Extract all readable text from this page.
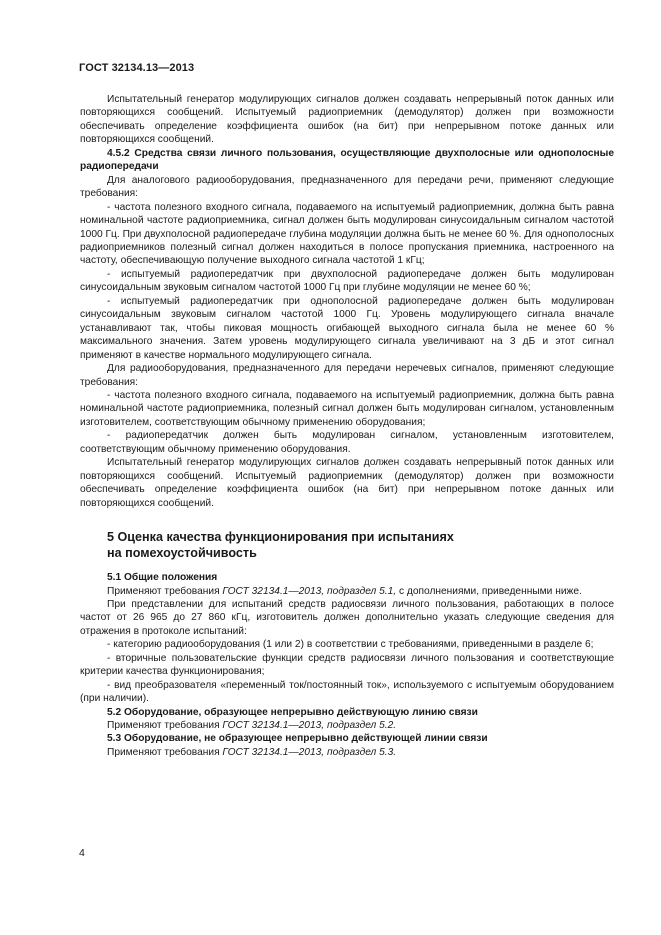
ГОСТ 32134.13—2013

Испытательный генератор модулирующих сигналов должен создавать непрерывный поток данных или повторяющихся сообщений. Испытуемый радиоприемник (демодулятор) должен при возможности обеспечивать определение коэффициента ошибок (на бит) при непрерывном потоке данных или повторяющихся сообщений.

4.5.2 Средства связи личного пользования, осуществляющие двухполосные или однополосные радиопередачи

Для аналогового радиооборудования, предназначенного для передачи речи, применяют следующие требования:

- частота полезного входного сигнала, подаваемого на испытуемый радиоприемник, должна быть равна номинальной частоте радиоприемника, сигнал должен быть модулирован синусоидальным сигналом частотой 1000 Гц. При двухполосной радиопередаче глубина модуляции должна быть не менее 60 %. Для однополосных радиоприемников полезный сигнал должен находиться в полосе пропускания приемника, настроенного на частоту, обеспечивающую получение выходного сигнала частотой 1 кГц;

- испытуемый радиопередатчик при двухполосной радиопередаче должен быть модулирован синусоидальным звуковым сигналом частотой 1000 Гц при глубине модуляции не менее 60 %;

- испытуемый радиопередатчик при однополосной радиопередаче должен быть модулирован синусоидальным звуковым сигналом частотой 1000 Гц. Уровень модулирующего сигнала вначале устанавливают так, чтобы пиковая мощность огибающей выходного сигнала была не менее 60 % максимального значения. Затем уровень модулирующего сигнала увеличивают на 3 дБ и этот сигнал применяют в качестве нормального модулирующего сигнала.

Для радиооборудования, предназначенного для передачи неречевых сигналов, применяют следующие требования:

- частота полезного входного сигнала, подаваемого на испытуемый радиоприемник, должна быть равна номинальной частоте радиоприемника, полезный сигнал должен быть модулирован сигналом, установленным изготовителем, соответствующим обычному применению оборудования;

- радиопередатчик должен быть модулирован сигналом, установленным изготовителем, соответствующим обычному применению оборудования.

Испытательный генератор модулирующих сигналов должен создавать непрерывный поток данных или повторяющихся сообщений. Испытуемый радиоприемник (демодулятор) должен при возможности обеспечивать определение коэффициента ошибок (на бит) при непрерывном потоке данных или повторяющихся сообщений.

5 Оценка качества функционирования при испытаниях
на помехоустойчивость

5.1 Общие положения

Применяют требования ГОСТ 32134.1—2013, подраздел 5.1, с дополнениями, приведенными ниже.

При представлении для испытаний средств радиосвязи личного пользования, работающих в полосе частот от 26 965 до 27 860 кГц, изготовитель должен дополнительно указать следующие сведения для отражения в протоколе испытаний:

- категорию радиооборудования (1 или 2) в соответствии с требованиями, приведенными в разделе 6;

- вторичные пользовательские функции средств радиосвязи личного пользования и соответствующие критерии качества функционирования;

- вид преобразователя «переменный ток/постоянный ток», используемого с испытуемым оборудованием (при наличии).

5.2 Оборудование, образующее непрерывно действующую линию связи

Применяют требования ГОСТ 32134.1—2013, подраздел 5.2.

5.3 Оборудование, не образующее непрерывно действующей линии связи

Применяют требования ГОСТ 32134.1—2013, подраздел 5.3.

4
